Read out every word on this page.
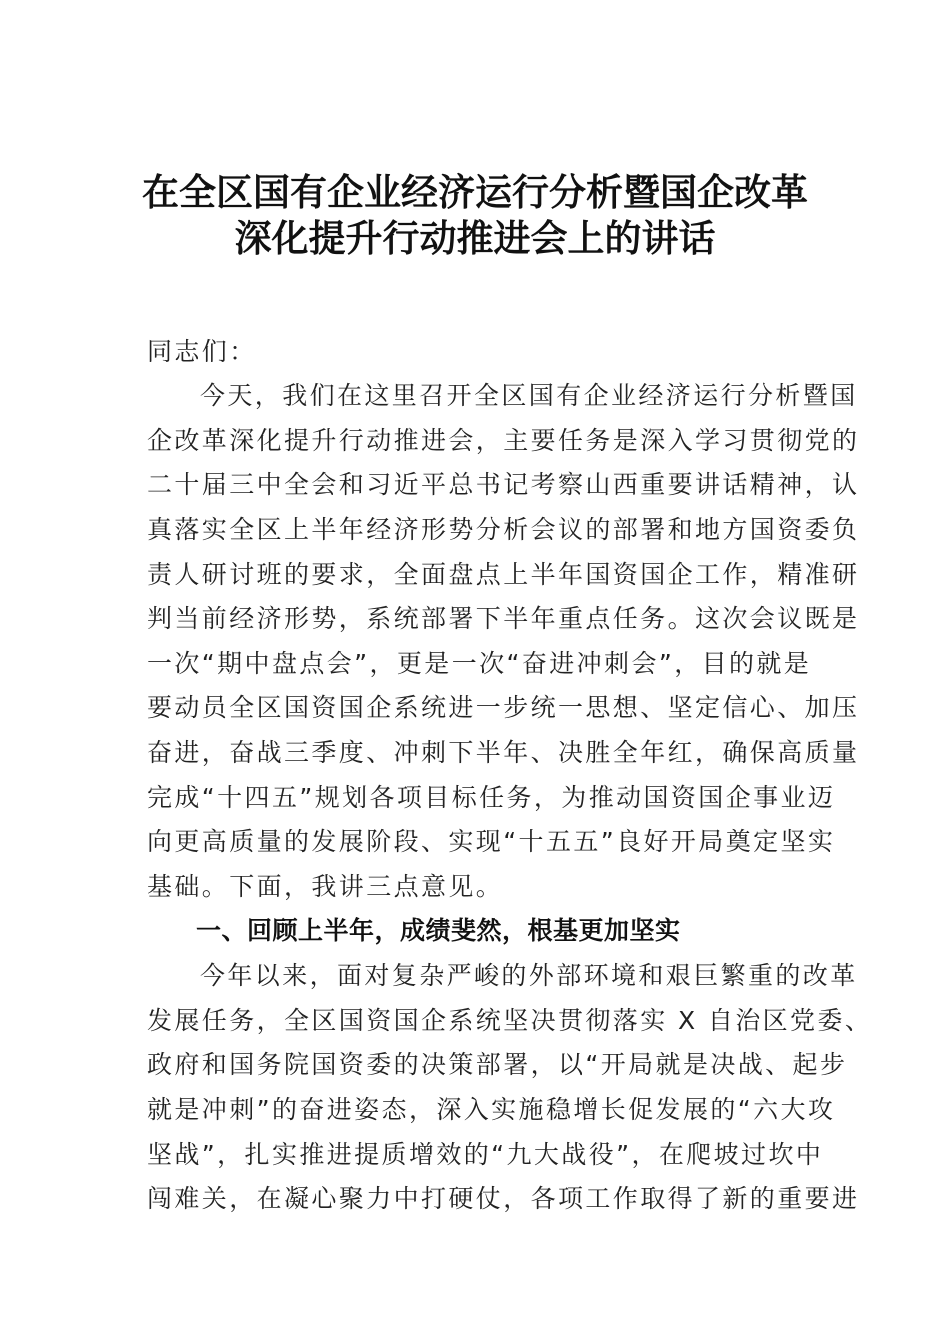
在全区国有企业经济运行分析暨国企改革
深化提升行动推进会上的讲话
同志们：
今天，我们在这里召开全区国有企业经济运行分析暨国
企改革深化提升行动推进会，主要任务是深入学习贯彻党的
二十届三中全会和习近平总书记考察山西重要讲话精神，认
真落实全区上半年经济形势分析会议的部署和地方国资委负
责人研讨班的要求，全面盘点上半年国资国企工作，精准研
判当前经济形势，系统部署下半年重点任务。这次会议既是
一次“期中盘点会”，更是一次“奋进冲刺会”，目的就是
要动员全区国资国企系统进一步统一思想、坚定信心、加压
奋进，奋战三季度、冲刺下半年、决胜全年红，确保高质量
完成“十四五”规划各项目标任务，为推动国资国企事业迈
向更高质量的发展阶段、实现“十五五”良好开局奠定坚实
基础。下面，我讲三点意见。
一、回顾上半年，成绩斐然，根基更加坚实
今年以来，面对复杂严峻的外部环境和艰巨繁重的改革
发展任务，全区国资国企系统坚决贯彻落实 X 自治区党委、
政府和国务院国资委的决策部署，以“开局就是决战、起步
就是冲刺”的奋进姿态，深入实施稳增长促发展的“六大攻
坚战”，扎实推进提质增效的“九大战役”，在爬坡过坎中
闯难关，在凝心聚力中打硬仗，各项工作取得了新的重要进
